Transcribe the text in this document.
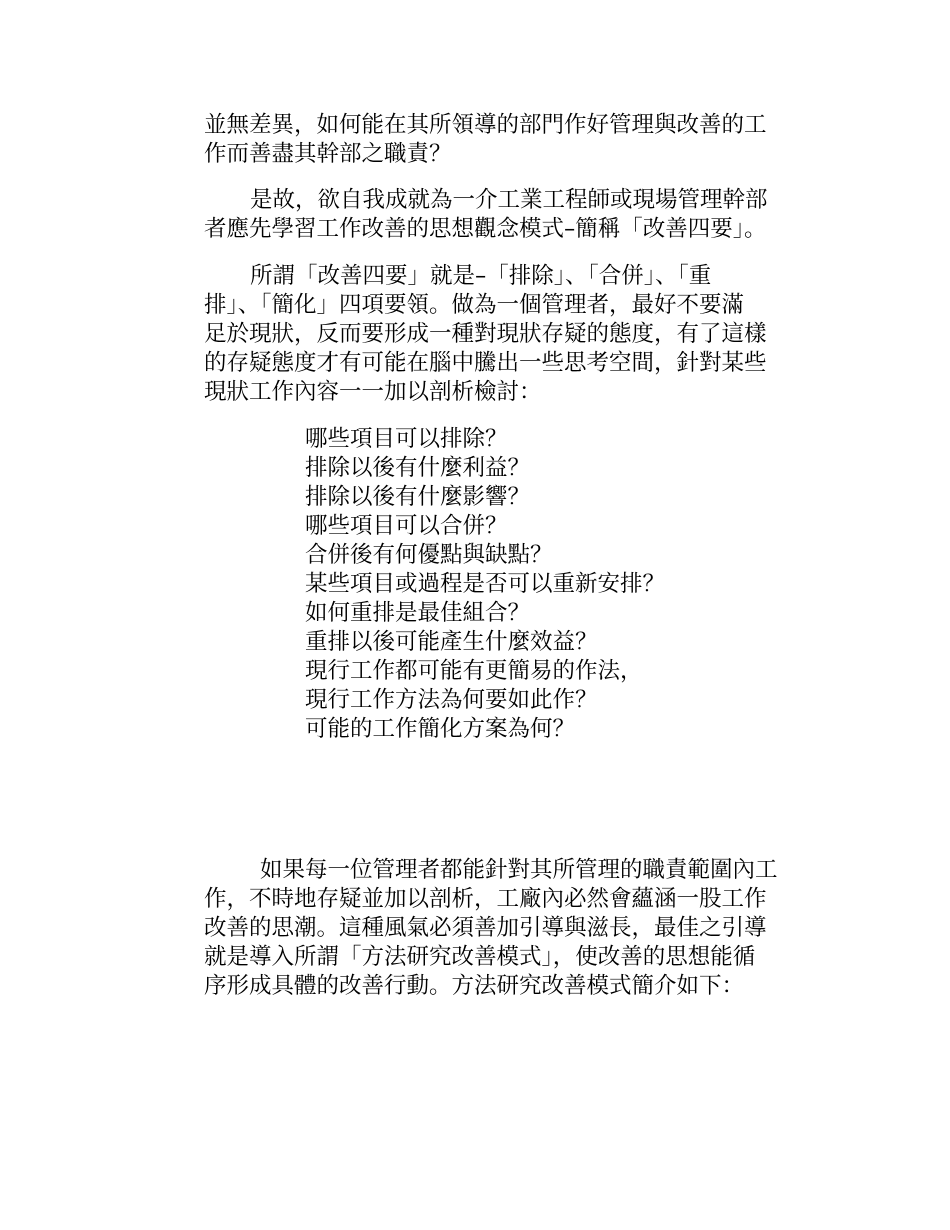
並無差異，如何能在其所領導的部門作好管理與改善的工
作而善盡其幹部之職責？
是故，欲自我成就為一介工業工程師或現場管理幹部
者應先學習工作改善的思想觀念模式–簡稱「改善四要」。
所謂「改善四要」就是–「排除」、「合併」、「重
排」、「簡化」四項要領。做為一個管理者，最好不要滿
足於現狀，反而要形成一種對現狀存疑的態度，有了這樣
的存疑態度才有可能在腦中騰出一些思考空間，針對某些
現狀工作內容一一加以剖析檢討：
哪些項目可以排除？
排除以後有什麼利益？
排除以後有什麼影響？
哪些項目可以合併？
合併後有何優點與缺點？
某些項目或過程是否可以重新安排？
如何重排是最佳組合？
重排以後可能產生什麼效益？
現行工作都可能有更簡易的作法，
現行工作方法為何要如此作？
可能的工作簡化方案為何？
如果每一位管理者都能針對其所管理的職責範圍內工
作，不時地存疑並加以剖析，工廠內必然會蘊涵一股工作
改善的思潮。這種風氣必須善加引導與滋長，最佳之引導
就是導入所謂「方法研究改善模式」，使改善的思想能循
序形成具體的改善行動。方法研究改善模式簡介如下：
